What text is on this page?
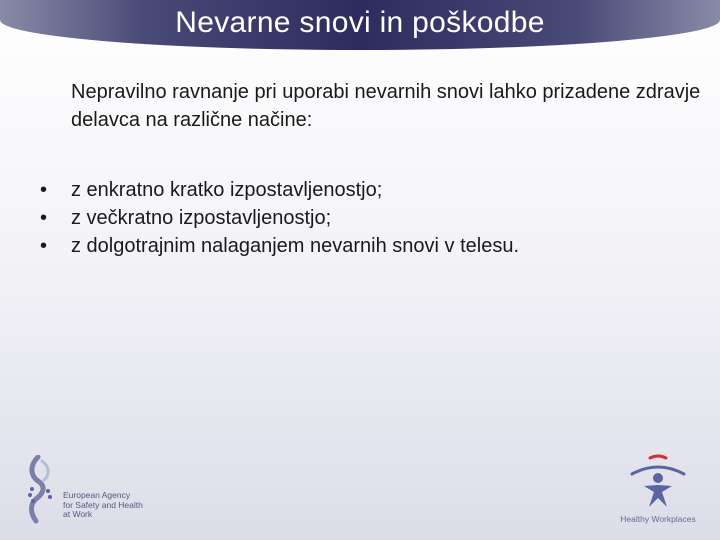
Nevarne snovi in poškodbe

Nepravilno ravnanje pri uporabi nevarnih snovi lahko prizadene zdravje delavca na različne načine:

• z enkratno kratko izpostavljenostjo;
• z večkratno izpostavljenostjo;
• z dolgotrajnim nalaganjem nevarnih snovi v telesu.
European Agency
for Safety and Health
at Work	Healthy Workplaces
